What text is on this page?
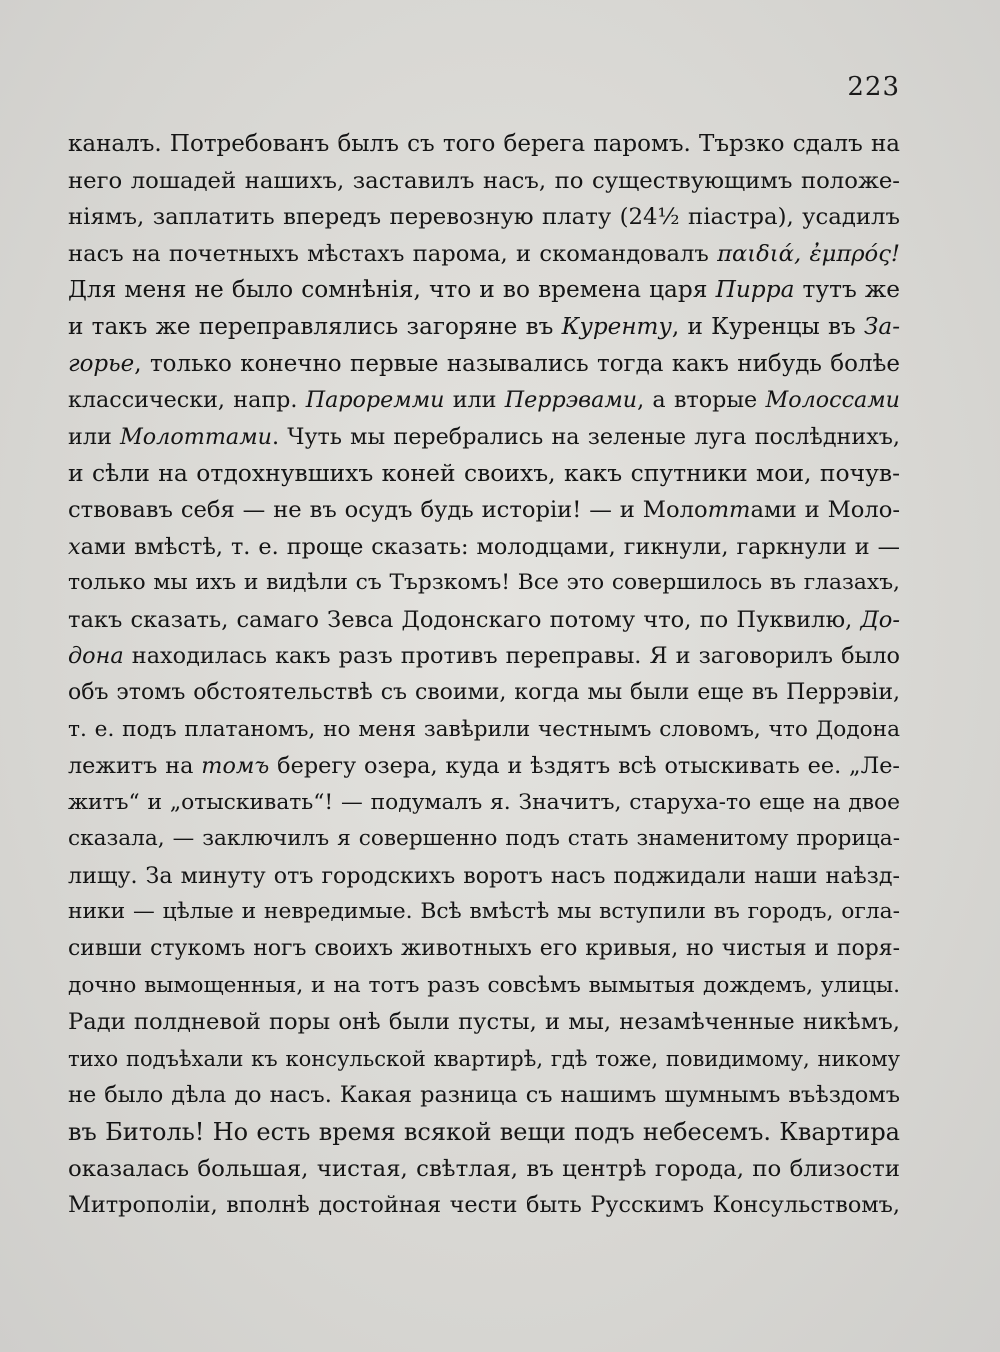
223
каналъ. Потребованъ былъ съ того берега паромъ. Тързко сдалъ на
него лошадей нашихъ, заставилъ насъ, по существующимъ положе-
ніямъ, заплатить впередъ перевозную плату (24½ піастра), усадилъ
насъ на почетныхъ мѣстахъ парома, и скомандовалъ παιδιά, ἐμπρός!
Для меня не было сомнѣнія, что и во времена царя Пирра тутъ же
и такъ же переправлялись загоряне въ Куренту, и Куренцы въ За-
горье, только конечно первые назывались тогда какъ нибудь болѣе
классически, напр. Пароремми или Перрэвами, а вторые Молоссами
или Молоттами. Чуть мы перебрались на зеленые луга послѣднихъ,
и сѣли на отдохнувшихъ коней своихъ, какъ спутники мои, почув-
ствовавъ себя — не въ осудъ будь исторіи! — и Молоттами и Моло-
хами вмѣстѣ, т. е. проще сказать: молодцами, гикнули, гаркнули и —
только мы ихъ и видѣли съ Тързкомъ! Все это совершилось въ глазахъ,
такъ сказать, самаго Зевса Додонскаго потому что, по Пуквилю, До-
дона находилась какъ разъ противъ переправы. Я и заговорилъ было
объ этомъ обстоятельствѣ съ своими, когда мы были еще въ Перрэвіи,
т. е. подъ платаномъ, но меня завѣрили честнымъ словомъ, что Додона
лежитъ на томъ берегу озера, куда и ѣздятъ всѣ отыскивать ее. „Ле-
житъ“ и „отыскивать“! — подумалъ я. Значитъ, старуха-то еще на двое
сказала, — заключилъ я совершенно подъ стать знаменитому прорица-
лищу. За минуту отъ городскихъ воротъ насъ поджидали наши наѣзд-
ники — цѣлые и невредимые. Всѣ вмѣстѣ мы вступили въ городъ, огла-
сивши стукомъ ногъ своихъ животныхъ его кривыя, но чистыя и поря-
дочно вымощенныя, и на тотъ разъ совсѣмъ вымытыя дождемъ, улицы.
Ради полдневой поры онѣ были пусты, и мы, незамѣченные никѣмъ,
тихо подъѣхали къ консульской квартирѣ, гдѣ тоже, повидимому, никому
не было дѣла до насъ. Какая разница съ нашимъ шумнымъ въѣздомъ
въ Битоль! Но есть время всякой вещи подъ небесемъ. Квартира
оказалась большая, чистая, свѣтлая, въ центрѣ города, по близости
Митрополіи, вполнѣ достойная чести быть Русскимъ Консульствомъ,
